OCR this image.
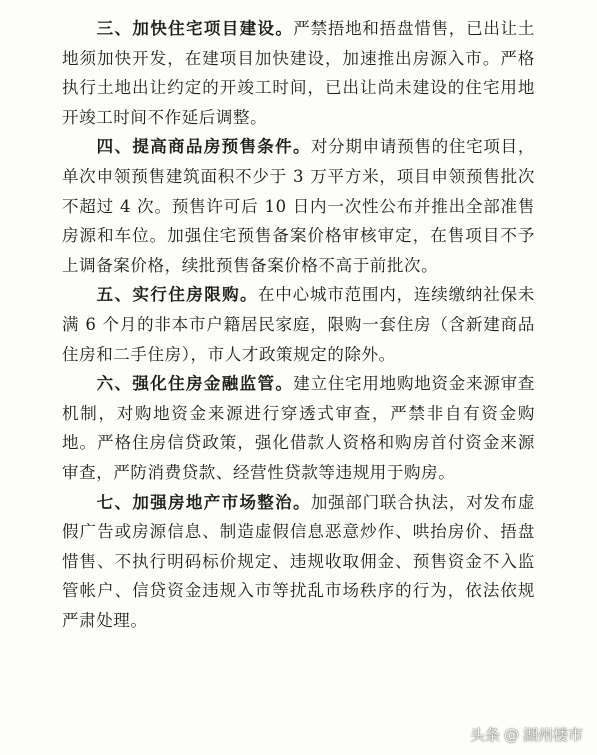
三、加快住宅项目建设。严禁捂地和捂盘惜售，已出让土地须加快开发，在建项目加快建设，加速推出房源入市。严格执行土地出让约定的开竣工时间，已出让尚未建设的住宅用地开竣工时间不作延后调整。

四、提高商品房预售条件。对分期申请预售的住宅项目，单次申领预售建筑面积不少于 3 万平方米，项目申领预售批次不超过 4 次。预售许可后 10 日内一次性公布并推出全部准售房源和车位。加强住宅预售备案价格审核审定，在售项目不予上调备案价格，续批预售备案价格不高于前批次。

五、实行住房限购。在中心城市范围内，连续缴纳社保未满 6 个月的非本市户籍居民家庭，限购一套住房（含新建商品住房和二手住房），市人才政策规定的除外。

六、强化住房金融监管。建立住宅用地购地资金来源审查机制，对购地资金来源进行穿透式审查，严禁非自有资金购地。严格住房信贷政策，强化借款人资格和购房首付资金来源审查，严防消费贷款、经营性贷款等违规用于购房。

七、加强房地产市场整治。加强部门联合执法，对发布虚假广告或房源信息、制造虚假信息恶意炒作、哄抬房价、捂盘惜售、不执行明码标价规定、违规收取佣金、预售资金不入监管帐户、信贷资金违规入市等扰乱市场秩序的行为，依法依规严肃处理。

头条 @ 湖州楼市
